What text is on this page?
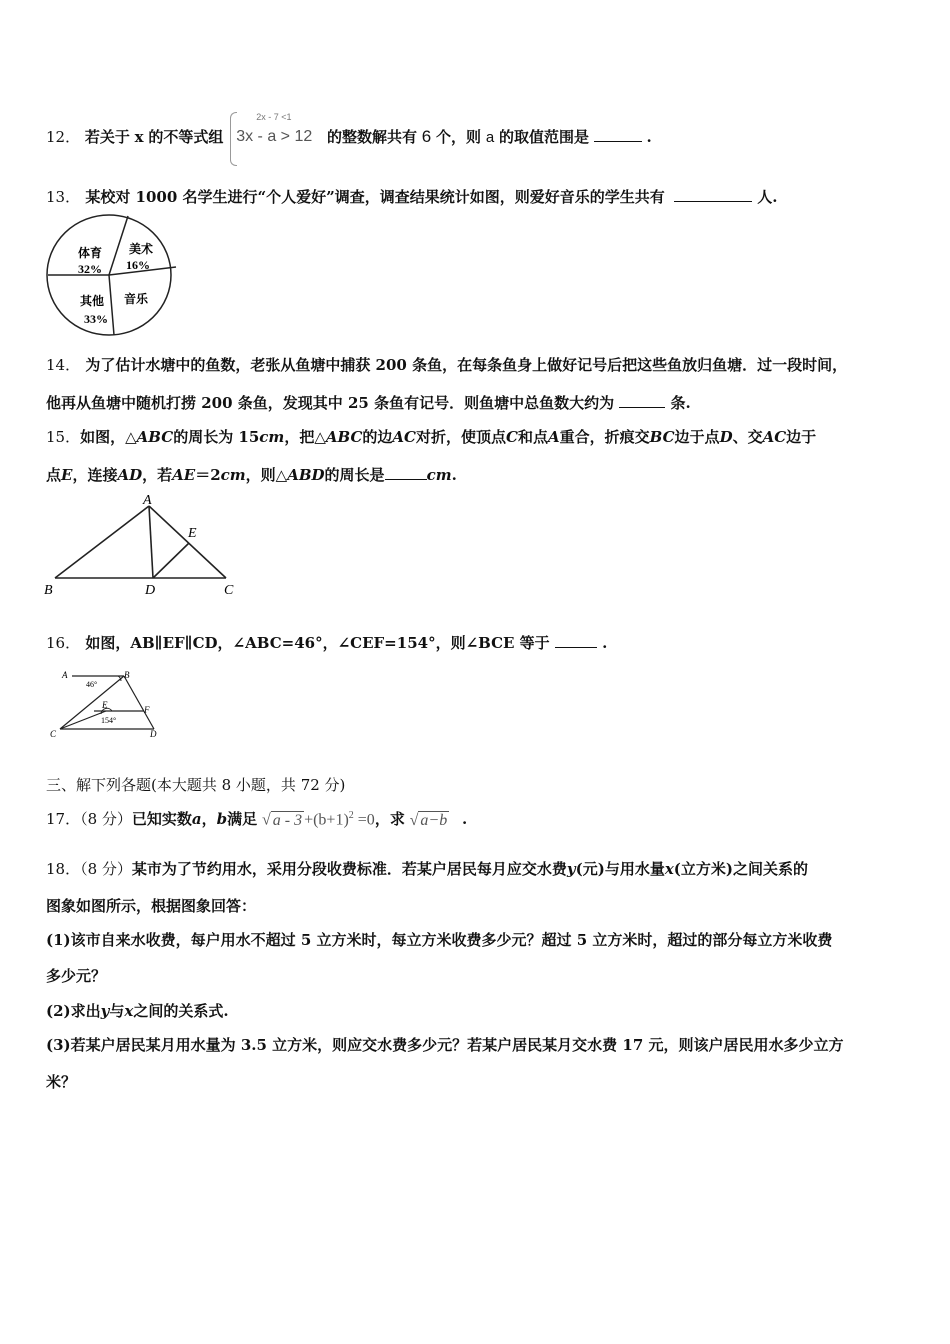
12． 若关于 x 的不等式组
2x - 7 <1
3x - a > 12 的整数解共有 6 个，则 a 的取值范围是	.
13． 某校对 1000 名学生进行“个人爱好”调查，调查结果统计如图，则爱好音乐的学生共有	人.
体育
32%
美术
16%
音乐
其他
33%
14． 为了估计水塘中的鱼数，老张从鱼塘中捕获 200 条鱼，在每条鱼身上做好记号后把这些鱼放归鱼塘．过一段时间，
他再从鱼塘中随机打捞 200 条鱼，发现其中 25 条鱼有记号．则鱼塘中总鱼数大约为	条.
15．如图，△ABC的周长为 15cm，把△ABC的边AC对折，使顶点C和点A重合，折痕交BC边于点D、交AC边于
点E，连接AD，若AE＝2cm，则△ABD的周长是	cm.
A
B	C
D
E
16． 如图，AB∥EF∥CD，∠ABC=46°，∠CEF=154°，则∠BCE 等于	.
A	B
C	D
E	F
46°
154°
三、解下列各题(本大题共 8 小题，共 72 分)
17．（8 分）已知实数a，b满足 √ $a - 3 +(b+1)^2 =0$，求 √ a−b .
18．（8 分）某市为了节约用水，采用分段收费标准．若某户居民每月应交水费y(元)与用水量x(立方米)之间关系的
图象如图所示，根据图象回答：
(1)该市自来水收费，每户用水不超过 5 立方米时，每立方米收费多少元？超过 5 立方米时，超过的部分每立方米收费
多少元？
(2)求出y与x之间的关系式.
(3)若某户居民某月用水量为 3.5 立方米，则应交水费多少元？若某户居民某月交水费 17 元，则该户居民用水多少立方
米？
